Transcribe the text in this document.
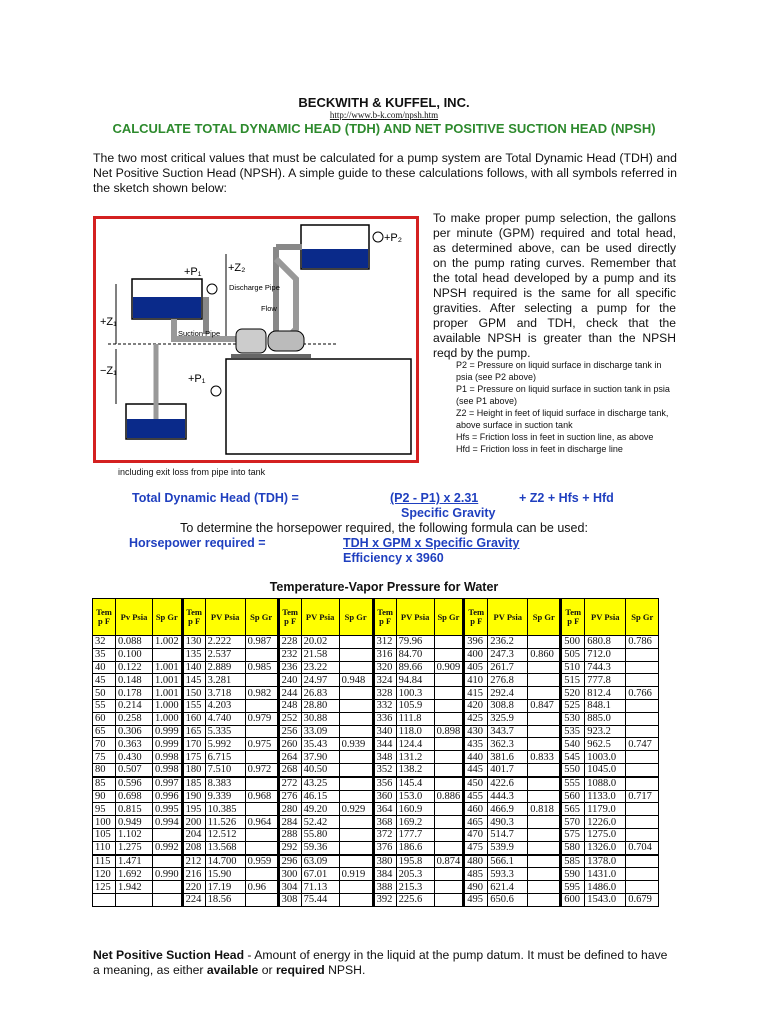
BECKWITH & KUFFEL, INC.
http://www.b-k.com/npsh.htm
CALCULATE TOTAL DYNAMIC HEAD (TDH) AND NET POSITIVE SUCTION HEAD (NPSH)
The two most critical values that must be calculated for a pump system are Total Dynamic Head (TDH) and Net Positive Suction Head (NPSH). A simple guide to these calculations follows, with all symbols referred in the sketch shown below:
+P₂
+P₁ +Z₂
Discharge Pipe
Flow
+Z₁
−Z₁
Suction Pipe
+P₁
To make proper pump selection, the gallons per minute (GPM) required and total head, as determined above, can be used directly on the pump rating curves. Remember that the total head developed by a pump and its NPSH required is the same for all specific gravities. After selecting a pump for the proper GPM and TDH, check that the available NPSH is greater than the NPSH reqd by the pump.
P2 = Pressure on liquid surface in discharge tank in psia (see P2 above)
P1 = Pressure on liquid surface in suction tank in psia (see P1 above)
Z2 = Height in feet of liquid surface in discharge tank, above surface in suction tank
Hfs = Friction loss in feet in suction line, as above
Hfd = Friction loss in feet in discharge line
including exit loss from pipe into tank
Total Dynamic Head (TDH) =	(P2 - P1) x 2.31	+ Z2 + Hfs + Hfd
Specific Gravity
To determine the horsepower required, the following formula can be used:
Horsepower required =	TDH x GPM x Specific Gravity
Efficiency x 3960
Temperature-Vapor Pressure for Water
Tem p F	Pv Psia	Sp Gr	Tem p F	PV Psia	Sp Gr	Tem p F	PV Psia	Sp Gr	Tem p F	PV Psia	Sp Gr	Tem p F	PV Psia	Sp Gr	Tem p F	PV Psia	Sp Gr
32	0.088	1.002	130	2.222	0.987	228	20.02		312	79.96		396	236.2		500	680.8	0.786
35	0.100		135	2.537		232	21.58		316	84.70		400	247.3	0.860	505	712.0	
40	0.122	1.001	140	2.889	0.985	236	23.22		320	89.66	0.909	405	261.7		510	744.3	
45	0.148	1.001	145	3.281		240	24.97	0.948	324	94.84		410	276.8		515	777.8	
50	0.178	1.001	150	3.718	0.982	244	26.83		328	100.3		415	292.4		520	812.4	0.766
55	0.214	1.000	155	4.203		248	28.80		332	105.9		420	308.8	0.847	525	848.1	
60	0.258	1.000	160	4.740	0.979	252	30.88		336	111.8		425	325.9		530	885.0	
65	0.306	0.999	165	5.335		256	33.09		340	118.0	0.898	430	343.7		535	923.2	
70	0.363	0.999	170	5.992	0.975	260	35.43	0.939	344	124.4		435	362.3		540	962.5	0.747
75	0.430	0.998	175	6.715		264	37.90		348	131.2		440	381.6	0.833	545	1003.0	
80	0.507	0.998	180	7.510	0.972	268	40.50		352	138.2		445	401.7		550	1045.0	
85	0.596	0.997	185	8.383		272	43.25		356	145.4		450	422.6		555	1088.0	
90	0.698	0.996	190	9.339	0.968	276	46.15		360	153.0	0.886	455	444.3		560	1133.0	0.717
95	0.815	0.995	195	10.385		280	49.20	0.929	364	160.9		460	466.9	0.818	565	1179.0	
100	0.949	0.994	200	11.526	0.964	284	52.42		368	169.2		465	490.3		570	1226.0	
105	1.102		204	12.512		288	55.80		372	177.7		470	514.7		575	1275.0	
110	1.275	0.992	208	13.568		292	59.36		376	186.6		475	539.9		580	1326.0	0.704
115	1.471		212	14.700	0.959	296	63.09		380	195.8	0.874	480	566.1		585	1378.0	
120	1.692	0.990	216	15.90		300	67.01	0.919	384	205.3		485	593.3		590	1431.0	
125	1.942		220	17.19	0.96	304	71.13		388	215.3		490	621.4		595	1486.0	
			224	18.56		308	75.44		392	225.6		495	650.6		600	1543.0	0.679
Net Positive Suction Head - Amount of energy in the liquid at the pump datum. It must be defined to have a meaning, as either available or required NPSH.
